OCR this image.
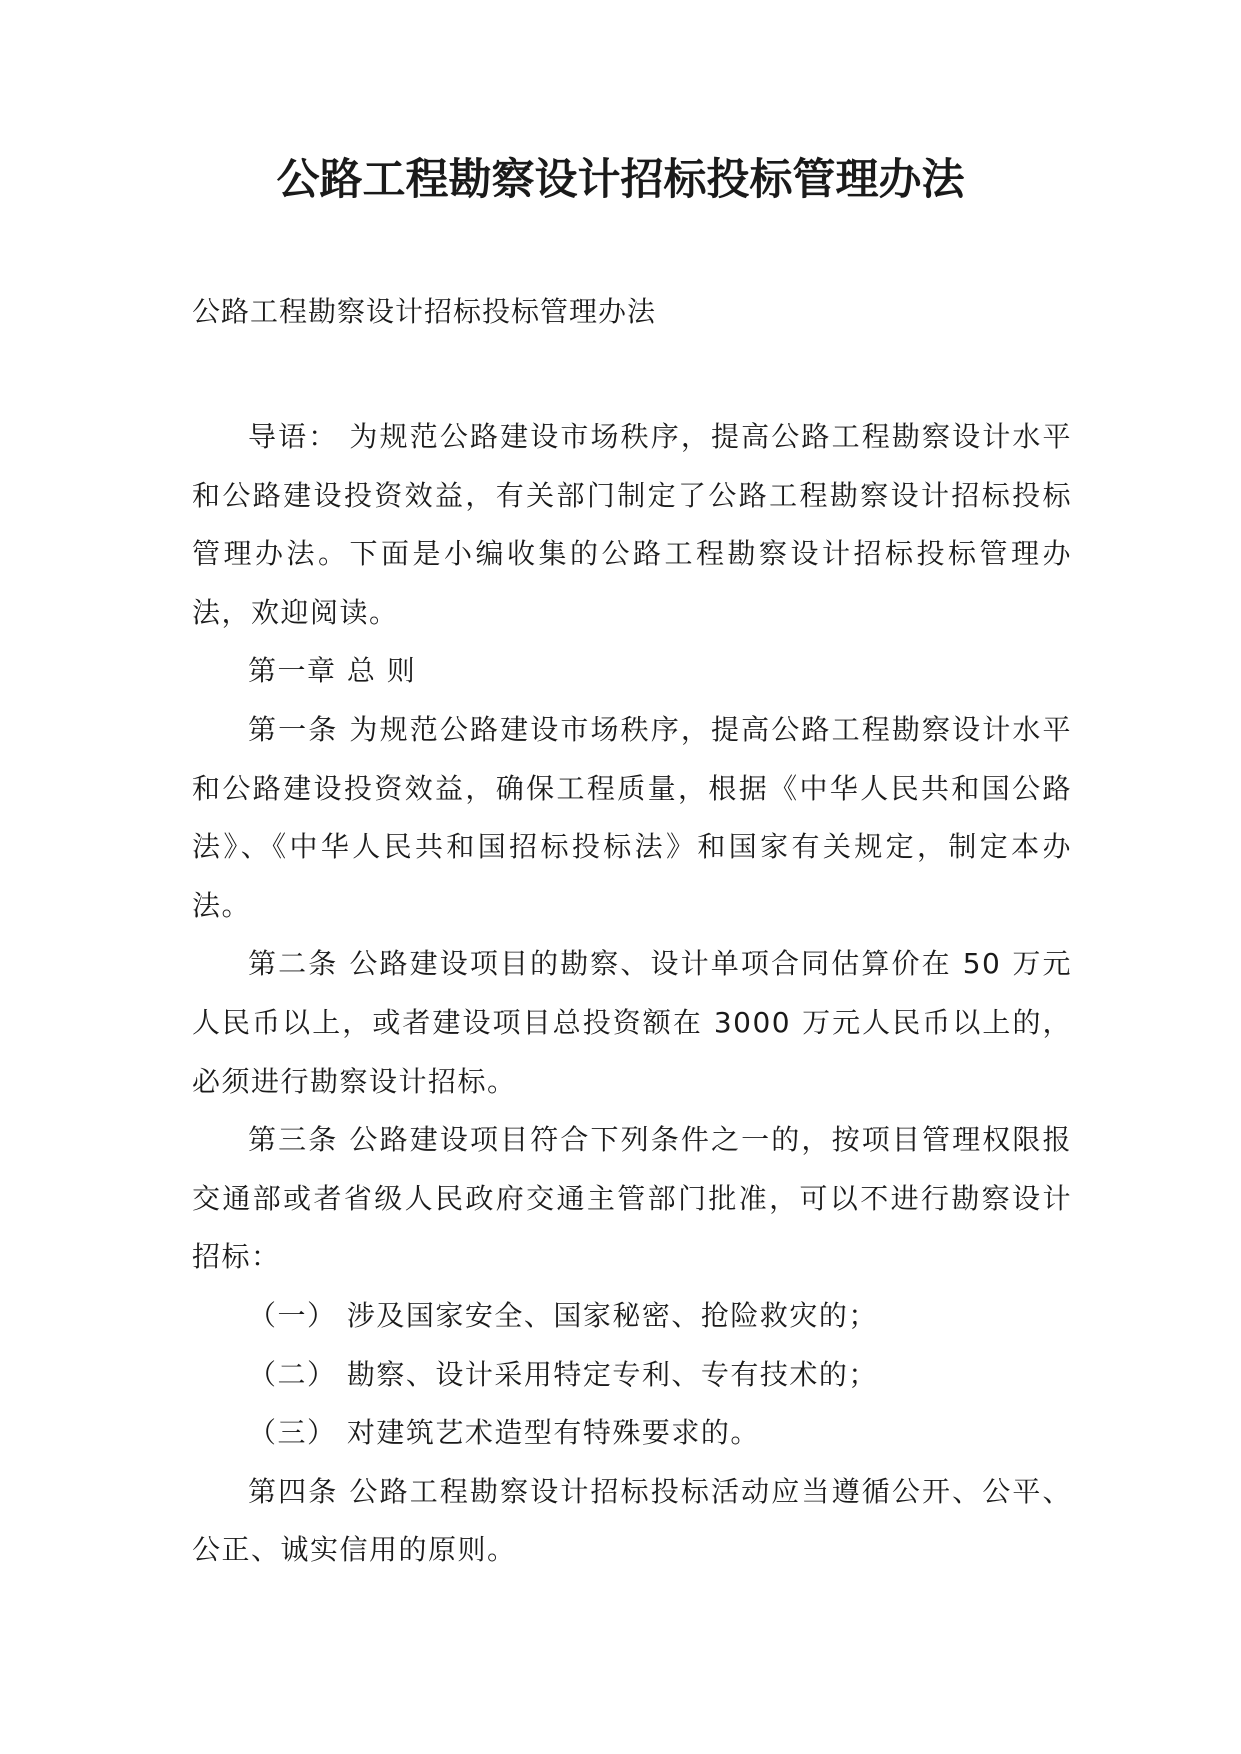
公路工程勘察设计招标投标管理办法
公路工程勘察设计招标投标管理办法

导语： 为规范公路建设市场秩序，提高公路工程勘察设计水平和公路建设投资效益，有关部门制定了公路工程勘察设计招标投标管理办法。下面是小编收集的公路工程勘察设计招标投标管理办法，欢迎阅读。

第一章 总 则

第一条 为规范公路建设市场秩序，提高公路工程勘察设计水平和公路建设投资效益，确保工程质量，根据《中华人民共和国公路法》、《中华人民共和国招标投标法》和国家有关规定，制定本办法。

第二条 公路建设项目的勘察、设计单项合同估算价在 50 万元人民币以上，或者建设项目总投资额在 3000 万元人民币以上的，必须进行勘察设计招标。

第三条 公路建设项目符合下列条件之一的，按项目管理权限报交通部或者省级人民政府交通主管部门批准，可以不进行勘察设计招标：

（一） 涉及国家安全、国家秘密、抢险救灾的；

（二） 勘察、设计采用特定专利、专有技术的；

（三） 对建筑艺术造型有特殊要求的。

第四条 公路工程勘察设计招标投标活动应当遵循公开、公平、公正、诚实信用的原则。
